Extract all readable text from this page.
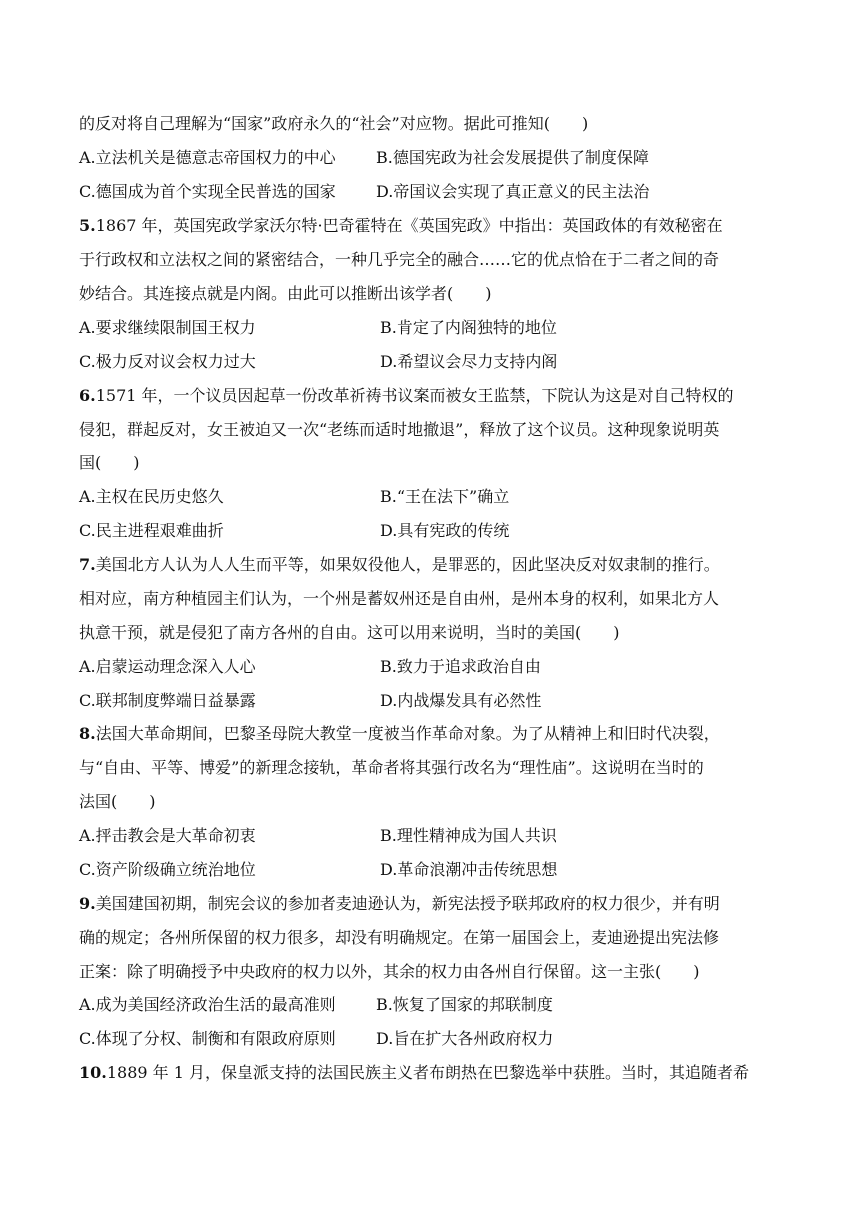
的反对将自己理解为“国家”政府永久的“社会”对应物。据此可推知(　　)
A.立法机关是德意志帝国权力的中心	B.德国宪政为社会发展提供了制度保障
C.德国成为首个实现全民普选的国家	D.帝国议会实现了真正意义的民主法治
5.1867 年，英国宪政学家沃尔特·巴奇霍特在《英国宪政》中指出：英国政体的有效秘密在
于行政权和立法权之间的紧密结合，一种几乎完全的融合……它的优点恰在于二者之间的奇
妙结合。其连接点就是内阁。由此可以推断出该学者(　　)
A.要求继续限制国王权力	B.肯定了内阁独特的地位
C.极力反对议会权力过大	D.希望议会尽力支持内阁
6.1571 年，一个议员因起草一份改革祈祷书议案而被女王监禁，下院认为这是对自己特权的
侵犯，群起反对，女王被迫又一次“老练而适时地撤退”，释放了这个议员。这种现象说明英
国(　　)
A.主权在民历史悠久	B.“王在法下”确立
C.民主进程艰难曲折	D.具有宪政的传统
7.美国北方人认为人人生而平等，如果奴役他人，是罪恶的，因此坚决反对奴隶制的推行。
相对应，南方种植园主们认为，一个州是蓄奴州还是自由州，是州本身的权利，如果北方人
执意干预，就是侵犯了南方各州的自由。这可以用来说明，当时的美国(　　)
A.启蒙运动理念深入人心	B.致力于追求政治自由
C.联邦制度弊端日益暴露	D.内战爆发具有必然性
8.法国大革命期间，巴黎圣母院大教堂一度被当作革命对象。为了从精神上和旧时代决裂，
与“自由、平等、博爱”的新理念接轨，革命者将其强行改名为“理性庙”。这说明在当时的
法国(　　)
A.抨击教会是大革命初衷	B.理性精神成为国人共识
C.资产阶级确立统治地位	D.革命浪潮冲击传统思想
9.美国建国初期，制宪会议的参加者麦迪逊认为，新宪法授予联邦政府的权力很少，并有明
确的规定；各州所保留的权力很多，却没有明确规定。在第一届国会上，麦迪逊提出宪法修
正案：除了明确授予中央政府的权力以外，其余的权力由各州自行保留。这一主张(　　)
A.成为美国经济政治生活的最高准则	B.恢复了国家的邦联制度
C.体现了分权、制衡和有限政府原则	D.旨在扩大各州政府权力
10.1889 年 1 月，保皇派支持的法国民族主义者布朗热在巴黎选举中获胜。当时，其追随者希
